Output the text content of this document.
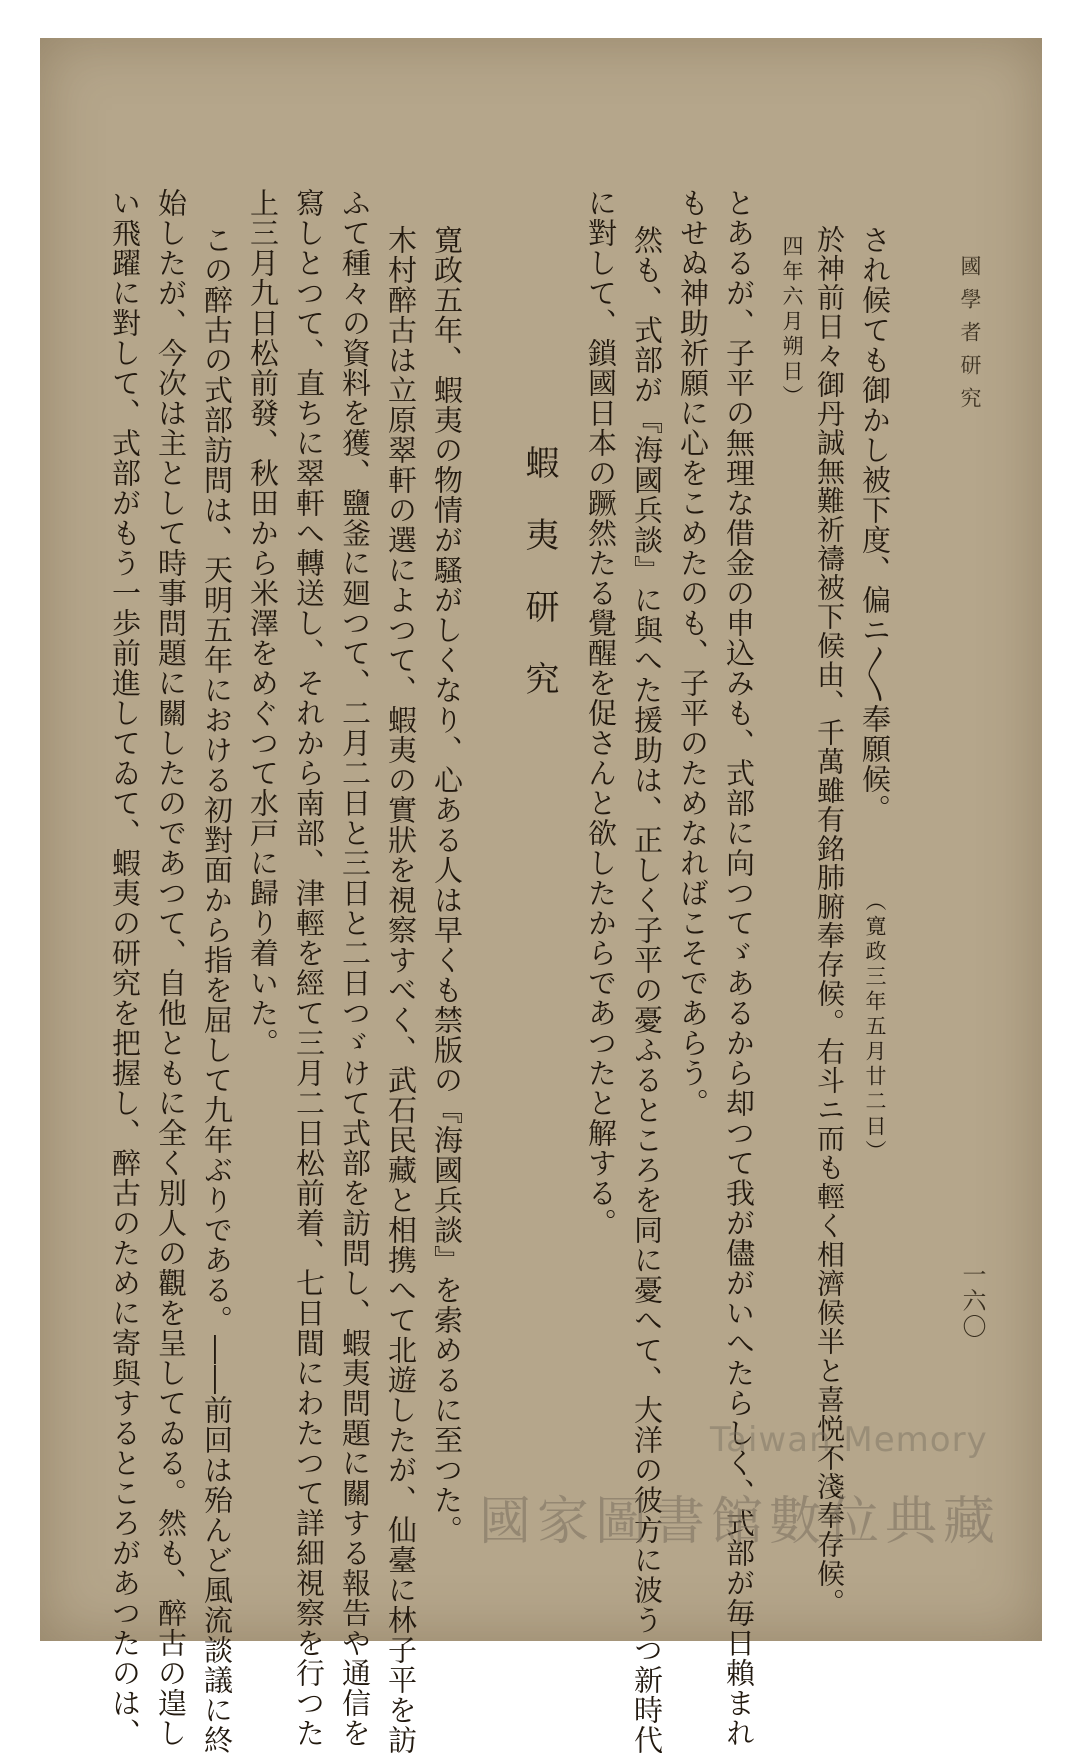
國學者研究
一六〇
され候ても御かし被下度、偏ニ〳〵奉願候。
（寛政三年五月廿二日）
於神前日々御丹誠無難祈禱被下候由、千萬雖有銘肺腑奉存候。右斗ニ而も輕く相濟候半と喜悦不淺奉存候。
四年六月朔日）
とあるが、子平の無理な借金の申込みも、式部に向つてゞあるから却つて我が儘がいへたらしく、式部が毎日賴まれ
もせぬ神助祈願に心をこめたのも、子平のためなればこそであらう。
然も、式部が『海國兵談』に與へた援助は、正しく子平の憂ふるところを同に憂へて、大洋の彼方に波うつ新時代
に對して、鎖國日本の蹶然たる覺醒を促さんと欲したからであつたと解する。
蝦夷研究
寛政五年、蝦夷の物情が騷がしくなり、心ある人は早くも禁版の『海國兵談』を索めるに至つた。
木村醉古は立原翠軒の選によつて、蝦夷の實狀を視察すべく、武石民藏と相携へて北遊したが、仙臺に林子平を訪
ふて種々の資料を獲、鹽釜に廻つて、二月二日と三日と二日つゞけて式部を訪問し、蝦夷問題に關する報告や通信を
寫しとつて、直ちに翠軒へ轉送し、それから南部、津輕を經て三月二日松前着、七日間にわたつて詳細視察を行つた
上三月九日松前發、秋田から米澤をめぐつて水戸に歸り着いた。
この醉古の式部訪問は、天明五年における初對面から指を屈して九年ぶりである。――前回は殆んど風流談議に終
始したが、今次は主として時事問題に關したのであつて、自他ともに全く別人の觀を呈してゐる。然も、醉古の遑し
い飛躍に對して、式部がもう一歩前進してゐて、蝦夷の研究を把握し、醉古のために寄與するところがあつたのは、	Taiwan Memory
國家圖書館數位典藏
